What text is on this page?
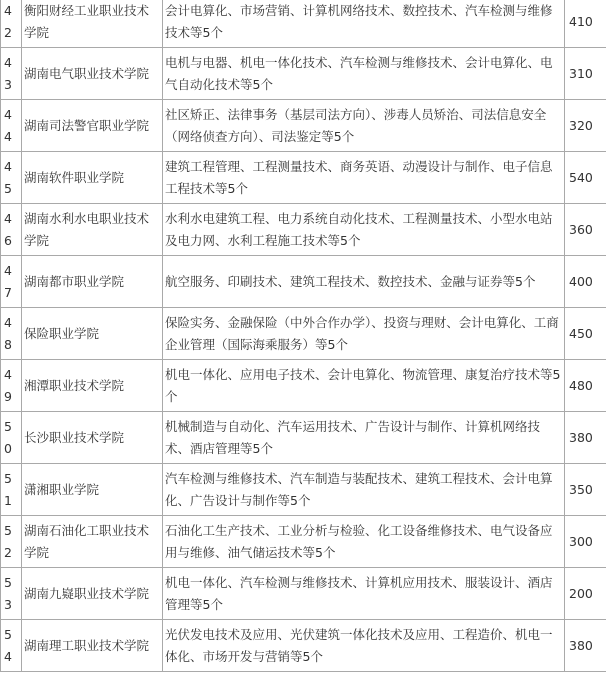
42	衡阳财经工业职业技术学院	会计电算化、市场营销、计算机网络技术、数控技术、汽车检测与维修技术等5个	410
43	湖南电气职业技术学院	电机与电器、机电一体化技术、汽车检测与维修技术、会计电算化、电气自动化技术等5个	310
44	湖南司法警官职业学院	社区矫正、法律事务（基层司法方向）、涉毒人员矫治、司法信息安全（网络侦查方向）、司法鉴定等5个	320
45	湖南软件职业学院	建筑工程管理、工程测量技术、商务英语、动漫设计与制作、电子信息工程技术等5个	540
46	湖南水利水电职业技术学院	水利水电建筑工程、电力系统自动化技术、工程测量技术、小型水电站及电力网、水利工程施工技术等5个	360
47	湖南都市职业学院	航空服务、印刷技术、建筑工程技术、数控技术、金融与证券等5个	400
48	保险职业学院	保险实务、金融保险（中外合作办学）、投资与理财、会计电算化、工商企业管理（国际海乘服务）等5个	450
49	湘潭职业技术学院	机电一体化、应用电子技术、会计电算化、物流管理、康复治疗技术等5个	480
50	长沙职业技术学院	机械制造与自动化、汽车运用技术、广告设计与制作、计算机网络技术、酒店管理等5个	380
51	潇湘职业学院	汽车检测与维修技术、汽车制造与装配技术、建筑工程技术、会计电算化、广告设计与制作等5个	350
52	湖南石油化工职业技术学院	石油化工生产技术、工业分析与检验、化工设备维修技术、电气设备应用与维修、油气储运技术等5个	300
53	湖南九嶷职业技术学院	机电一体化、汽车检测与维修技术、计算机应用技术、服装设计、酒店管理等5个	200
54	湖南理工职业技术学院	光伏发电技术及应用、光伏建筑一体化技术及应用、工程造价、机电一体化、市场开发与营销等5个	380
